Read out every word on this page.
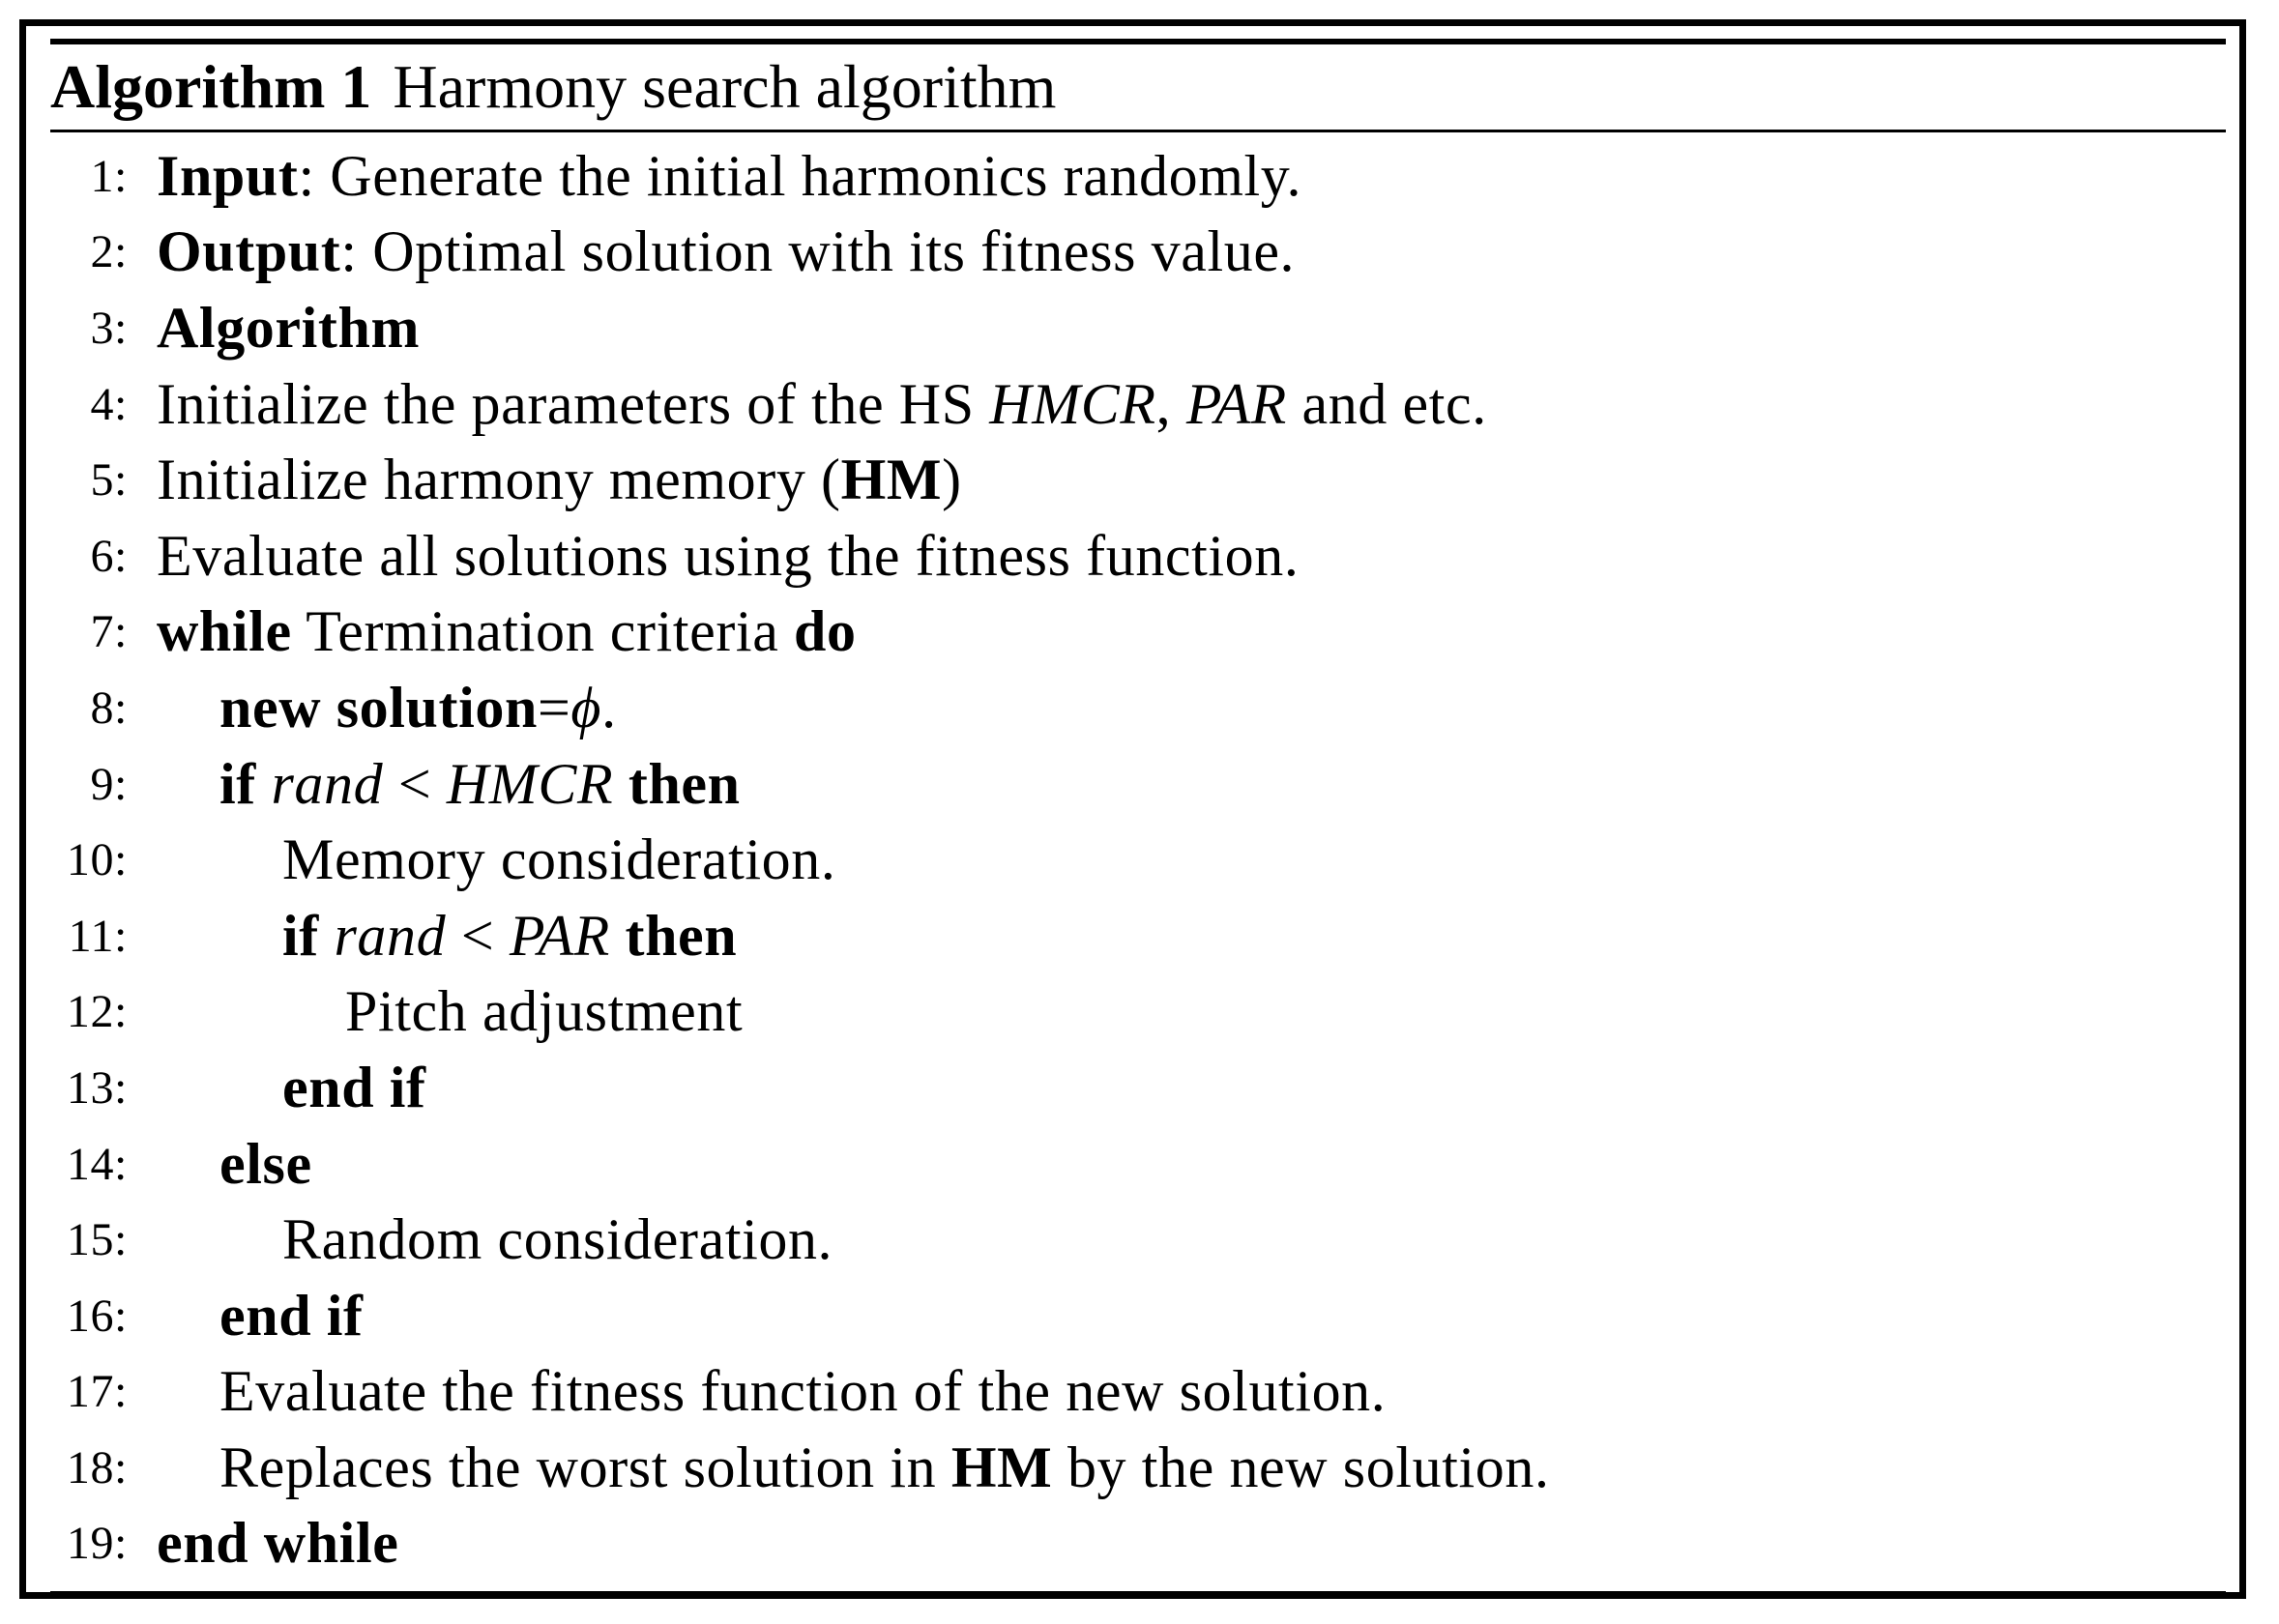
Algorithm 1 Harmony search algorithm
1: Input: Generate the initial harmonics randomly.
2: Output: Optimal solution with its fitness value.
3: Algorithm
4: Initialize the parameters of the HS HMCR, PAR and etc.
5: Initialize harmony memory (HM)
6: Evaluate all solutions using the fitness function.
7: while Termination criteria do
8:	new solution=ϕ.
9:	if rand < HMCR then
10:	Memory consideration.
11:	if rand < PAR then
12:	Pitch adjustment
13:	end if
14:	else
15:	Random consideration.
16:	end if
17:	Evaluate the fitness function of the new solution.
18:	Replaces the worst solution in HM by the new solution.
19: end while
